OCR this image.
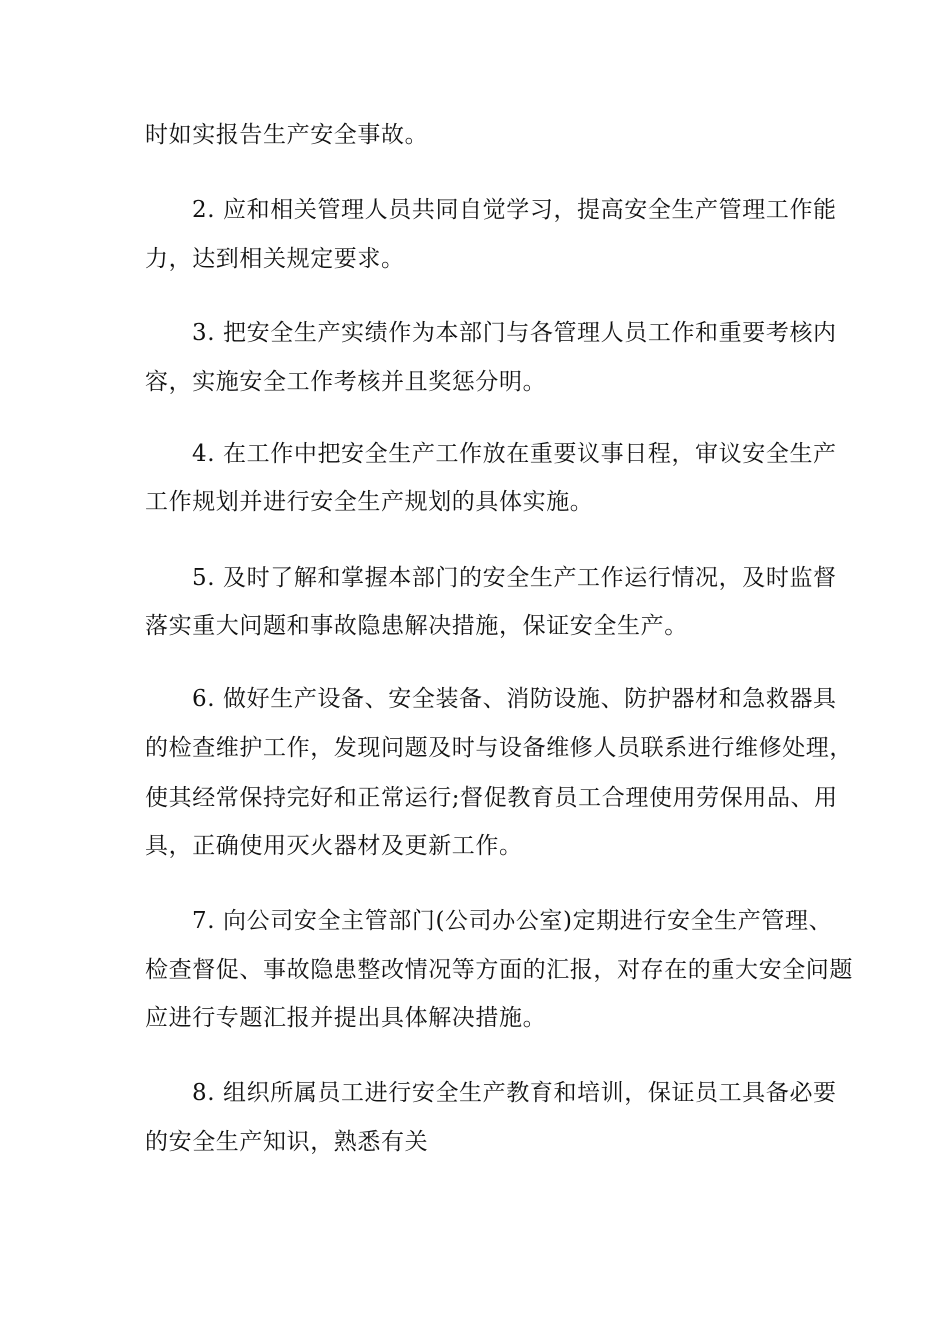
时如实报告生产安全事故。
2. 应和相关管理人员共同自觉学习，提高安全生产管理工作能
力，达到相关规定要求。
3. 把安全生产实绩作为本部门与各管理人员工作和重要考核内
容，实施安全工作考核并且奖惩分明。
4. 在工作中把安全生产工作放在重要议事日程，审议安全生产
工作规划并进行安全生产规划的具体实施。
5. 及时了解和掌握本部门的安全生产工作运行情况，及时监督
落实重大问题和事故隐患解决措施，保证安全生产。
6. 做好生产设备、安全装备、消防设施、防护器材和急救器具
的检查维护工作，发现问题及时与设备维修人员联系进行维修处理，
使其经常保持完好和正常运行;督促教育员工合理使用劳保用品、用
具，正确使用灭火器材及更新工作。
7. 向公司安全主管部门(公司办公室)定期进行安全生产管理、
检查督促、事故隐患整改情况等方面的汇报，对存在的重大安全问题
应进行专题汇报并提出具体解决措施。
8. 组织所属员工进行安全生产教育和培训，保证员工具备必要
的安全生产知识，熟悉有关
